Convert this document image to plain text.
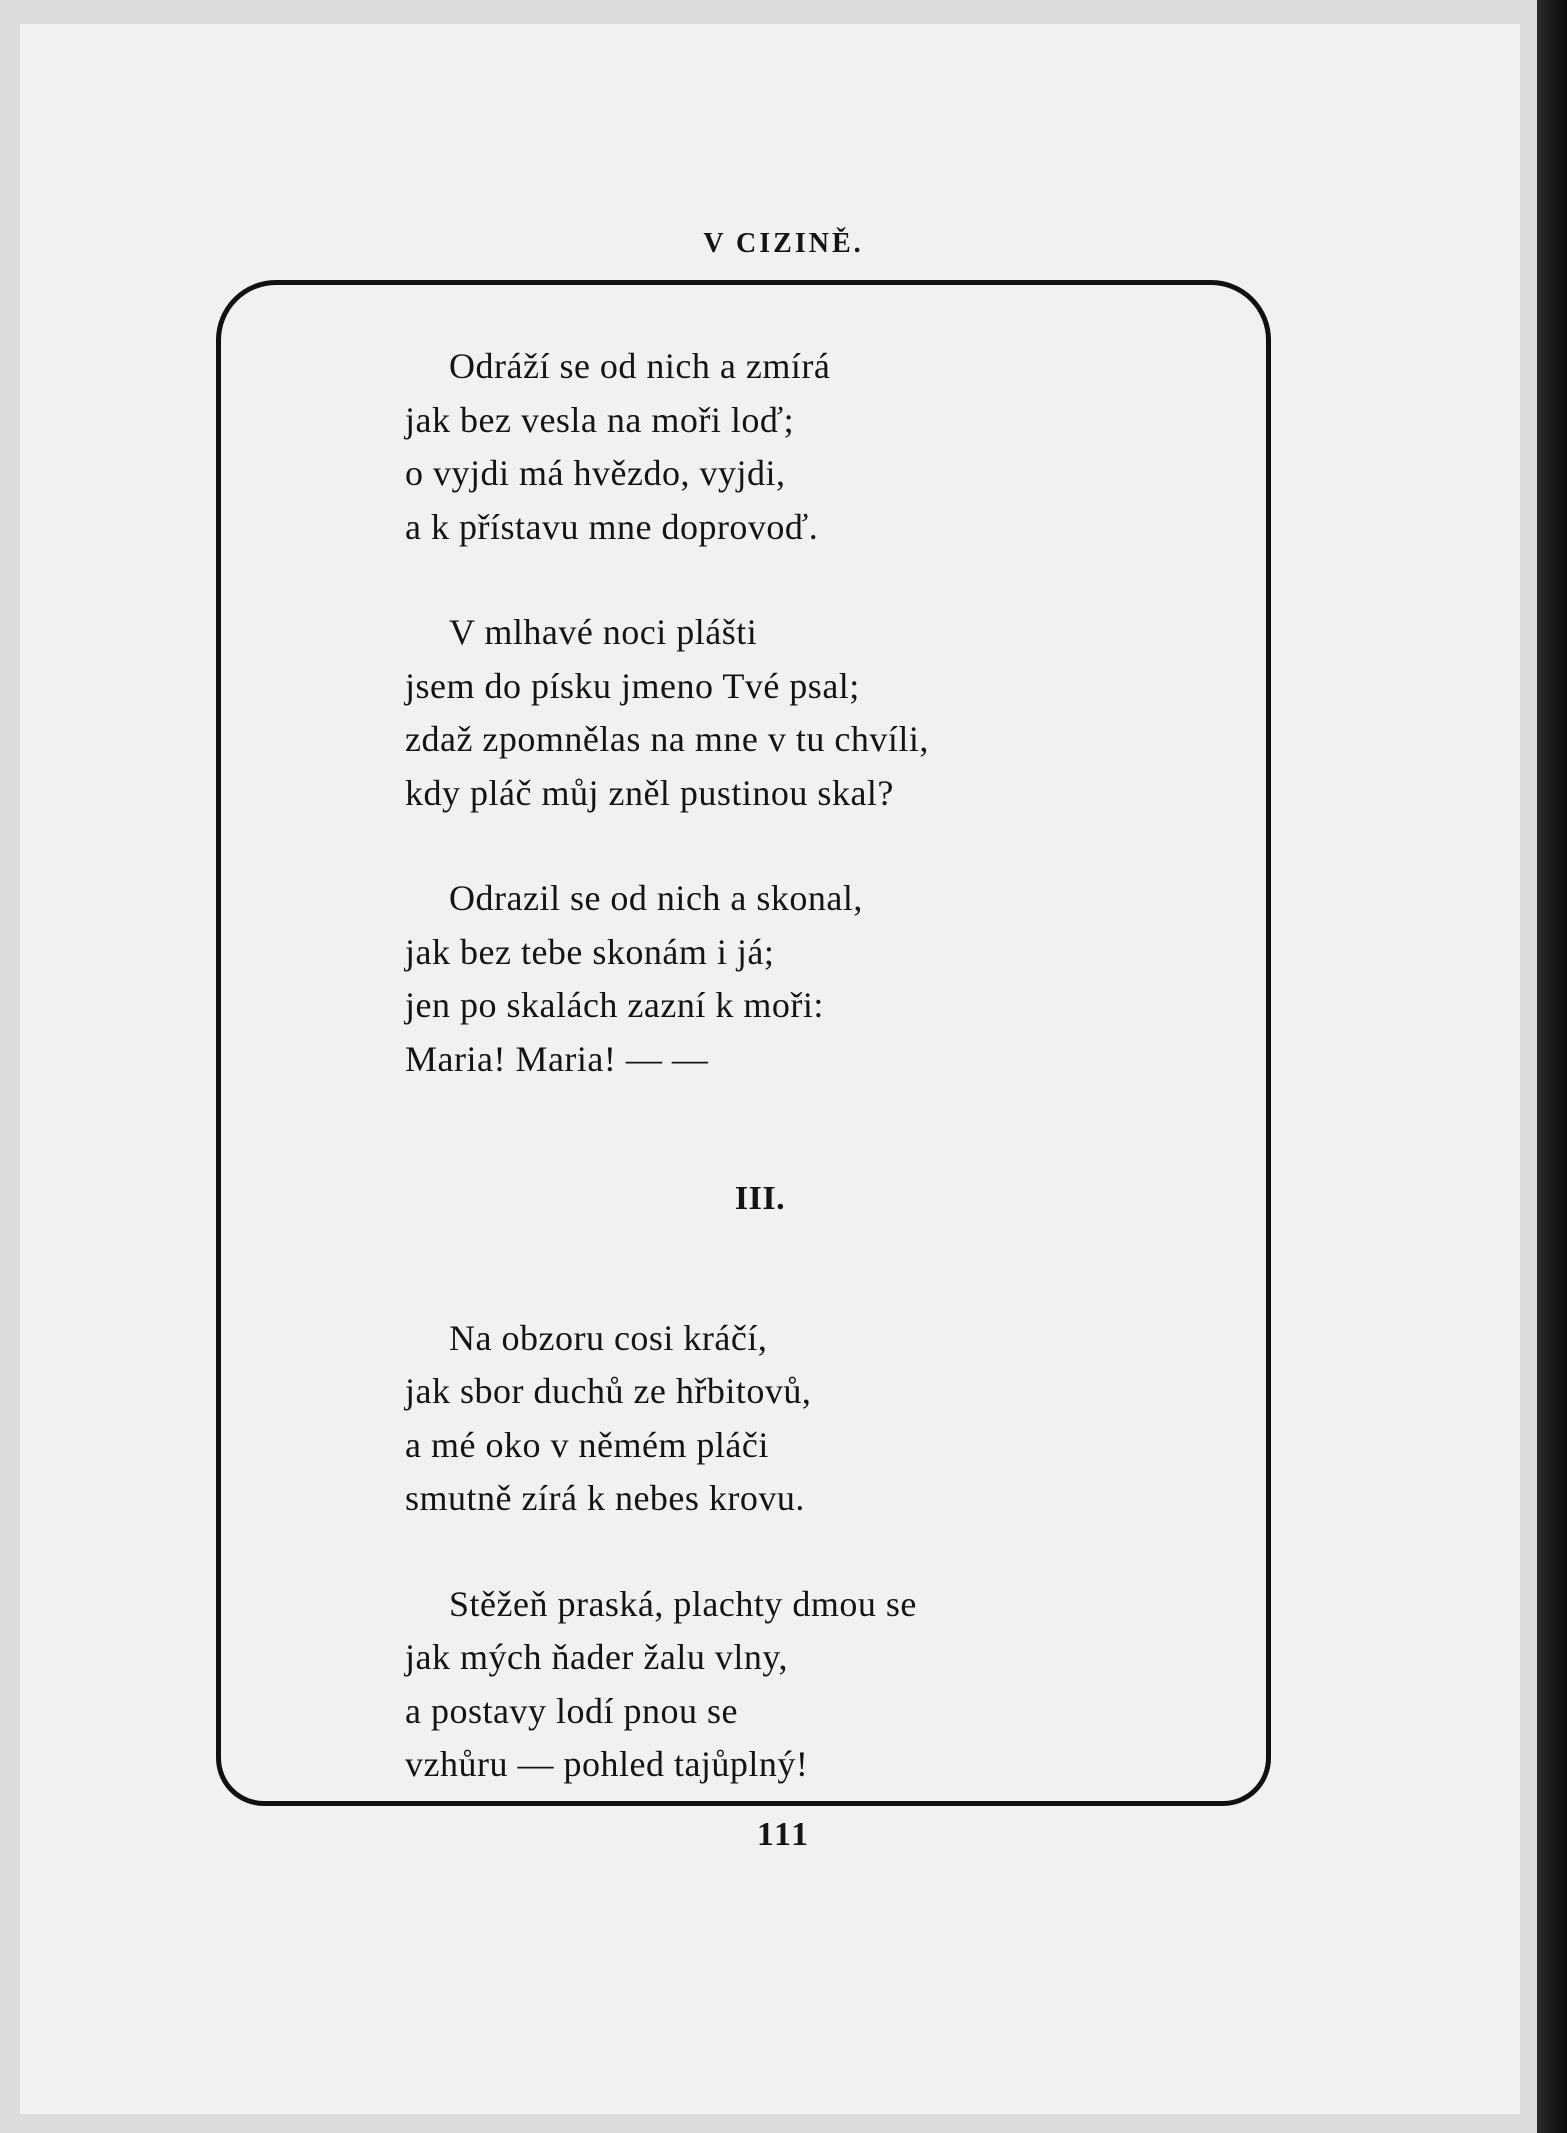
V CIZINĚ.

Odráží se od nich a zmírá
jak bez vesla na moři loď;
o vyjdi má hvězdo, vyjdi,
a k přístavu mne doprovoď.

V mlhavé noci plášti
jsem do písku jmeno Tvé psal;
zdaž zpomnělas na mne v tu chvíli,
kdy pláč můj zněl pustinou skal?

Odrazil se od nich a skonal,
jak bez tebe skonám i já;
jen po skalách zazní k moři:
Maria! Maria! — —

III.

Na obzoru cosi kráčí,
jak sbor duchů ze hřbitovů,
a mé oko v němém pláči
smutně zírá k nebes krovu.

Stěžeň praská, plachty dmou se
jak mých ňader žalu vlny,
a postavy lodí pnou se
vzhůru — pohled tajůplný!

111
